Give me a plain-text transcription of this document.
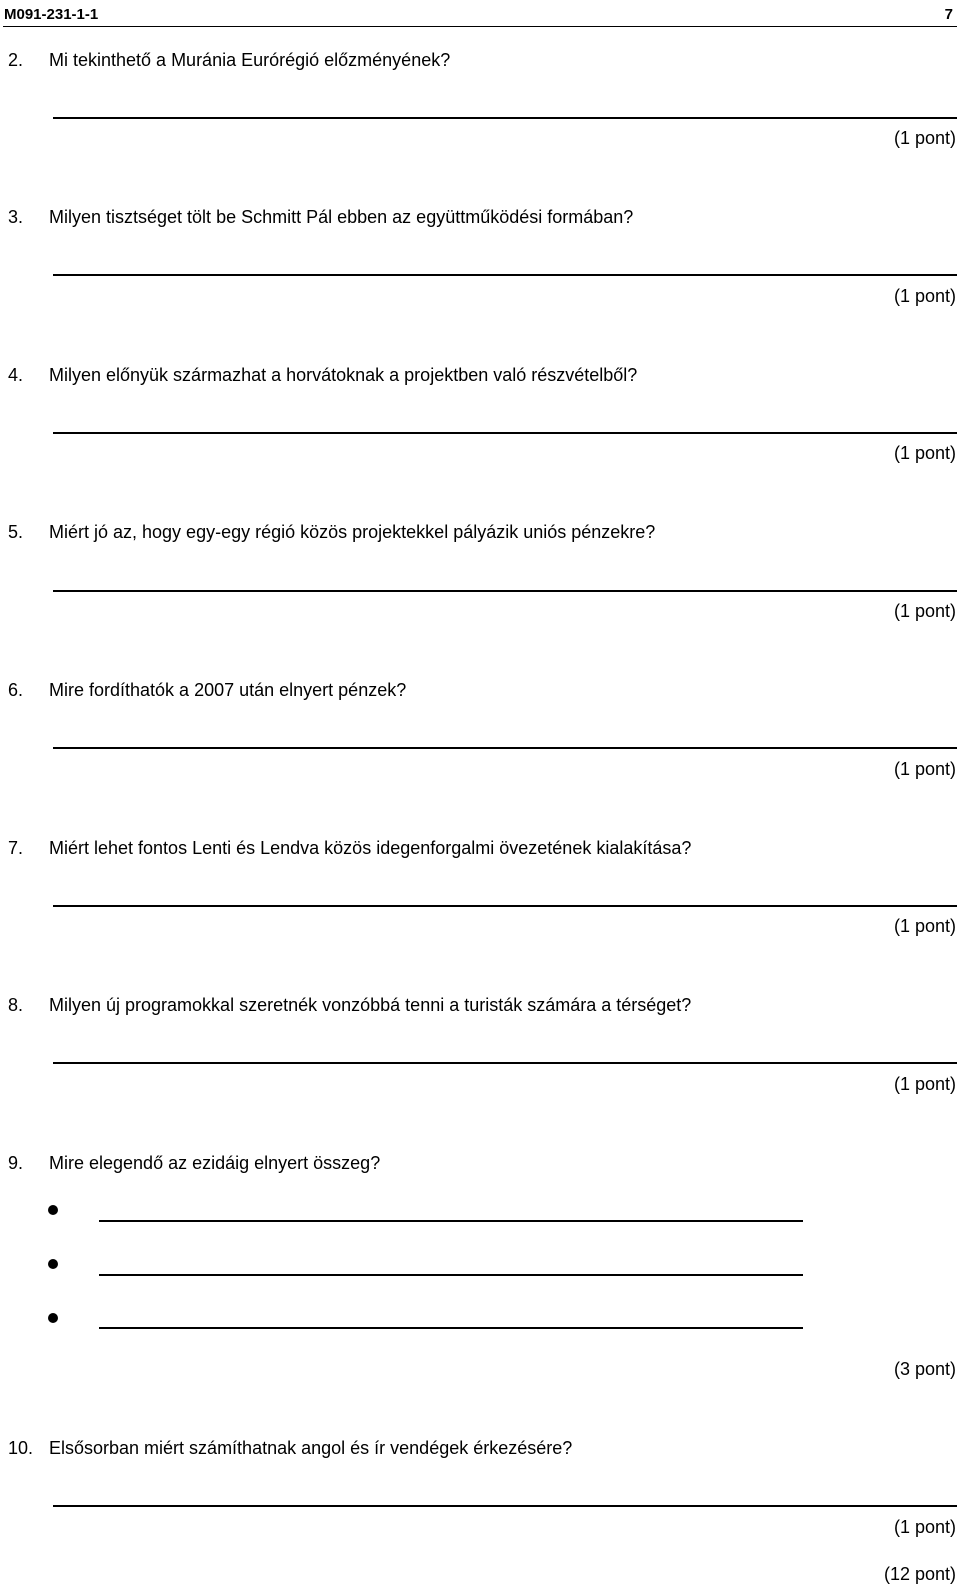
M091-231-1-1	7
2. Mi tekinthető a Muránia Eurórégió előzményének?
(1 pont)
3. Milyen tisztséget tölt be Schmitt Pál ebben az együttműködési formában?
(1 pont)
4. Milyen előnyük származhat a horvátoknak a projektben való részvételből?
(1 pont)
5. Miért jó az, hogy egy-egy régió közös projektekkel pályázik uniós pénzekre?
(1 pont)
6. Mire fordíthatók a 2007 után elnyert pénzek?
(1 pont)
7. Miért lehet fontos Lenti és Lendva közös idegenforgalmi övezetének kialakítása?
(1 pont)
8. Milyen új programokkal szeretnék vonzóbbá tenni a turisták számára a térséget?
(1 pont)
9. Mire elegendő az ezidáig elnyert összeg?
(3 pont)
10. Elsősorban miért számíthatnak angol és ír vendégek érkezésére?
(1 pont)
(12 pont)
